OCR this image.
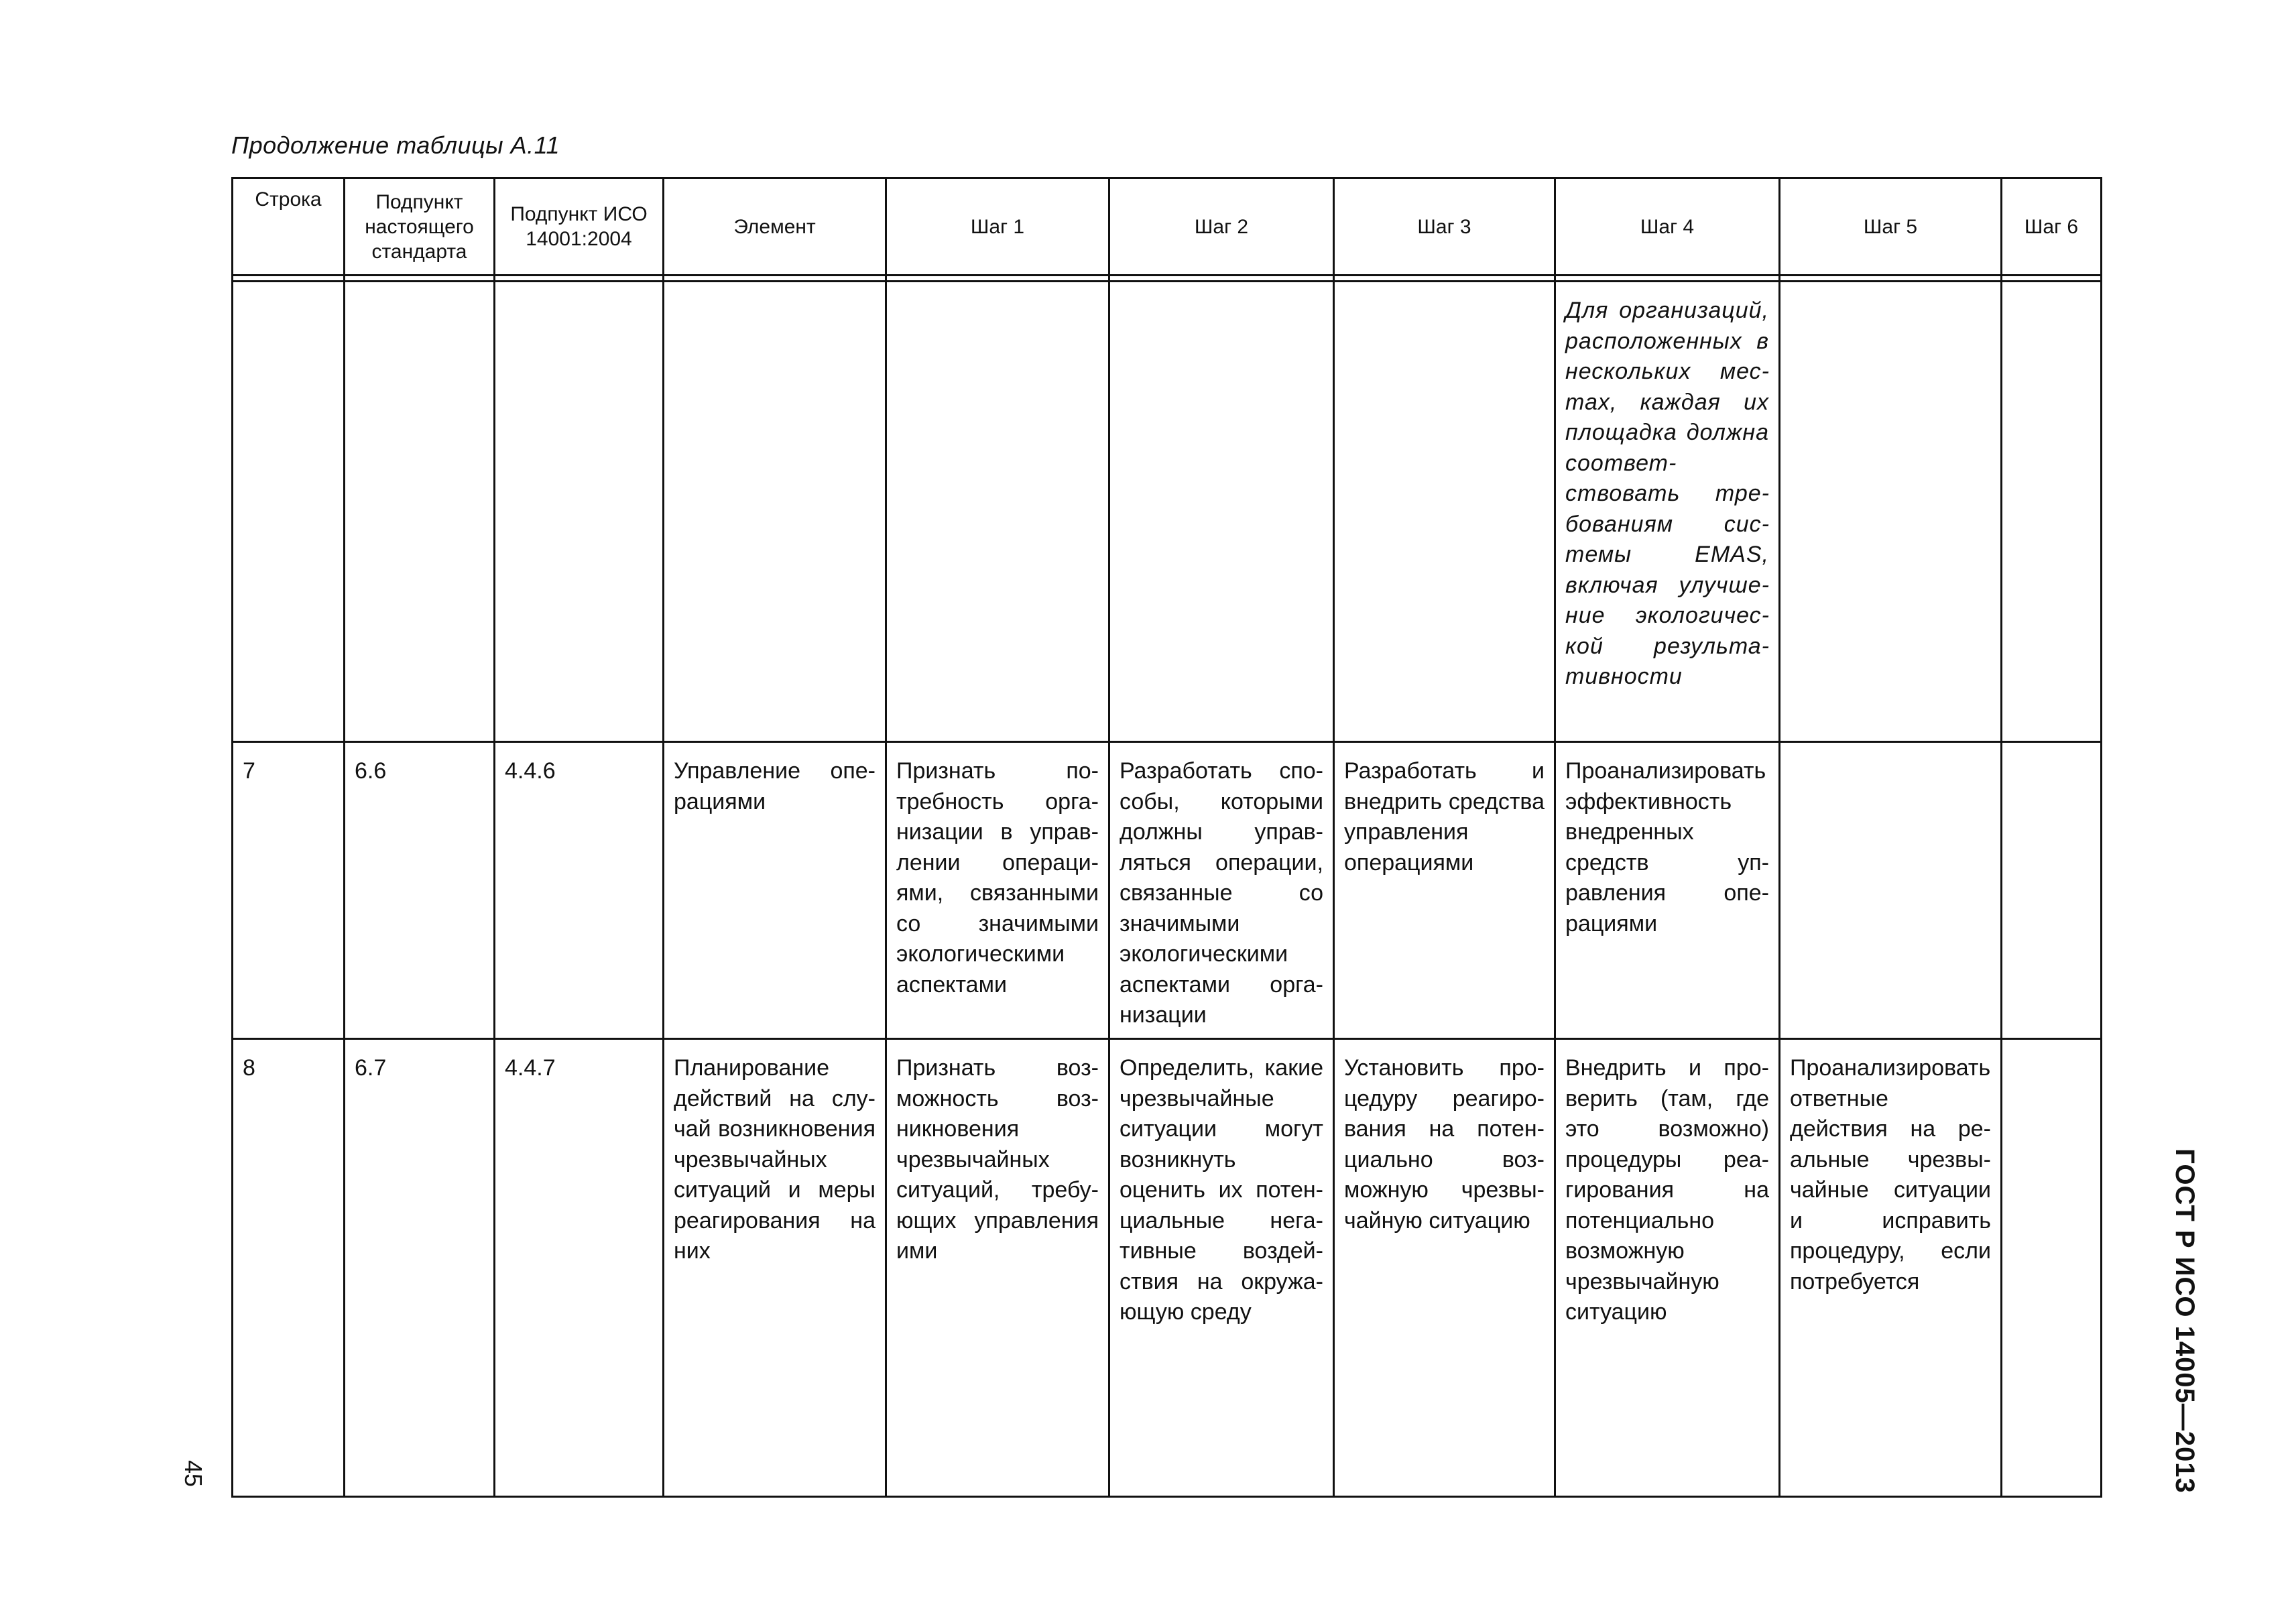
Продолжение таблицы А.11
Строка	Подпункт настоящего стандарта	Подпункт ИСО 14001:2004	Элемент	Шаг 1	Шаг 2	Шаг 3	Шаг 4	Шаг 5	Шаг 6

							Для организаций, расположенных в нескольких местах, каждая их площадка должна соответствовать требованиям системы EMAS, включая улучшение экологической результативности		

7	6.6	4.4.6	Управление операциями	Признать потребность организации в управлении операциями, связанными со значимыми экологическими аспектами	Разработать способы, которыми должны управляться операции, связанные со значимыми экологическими аспектами организации	Разработать и внедрить средства управления операциями	Проанализировать эффективность внедренных средств управления операциями		

8	6.7	4.4.7	Планирование действий на случай возникновения чрезвычайных ситуаций и меры реагирования на них	Признать возможность возникновения чрезвычайных ситуаций, требующих управления ими	Определить, какие чрезвычайные ситуации могут возникнуть оценить их потенциальные негативные воздействия на окружающую среду	Установить процедуру реагирования на потенциально возможную чрезвычайную ситуацию	Внедрить и проверить (там, где это возможно) процедуры реагирования на потенциально возможную чрезвычайную ситуацию	Проанализировать ответные действия на реальные чрезвычайные ситуации и исправить процедуру, если потребуется	
		ГОСТ Р ИСО 14005—2013
45
